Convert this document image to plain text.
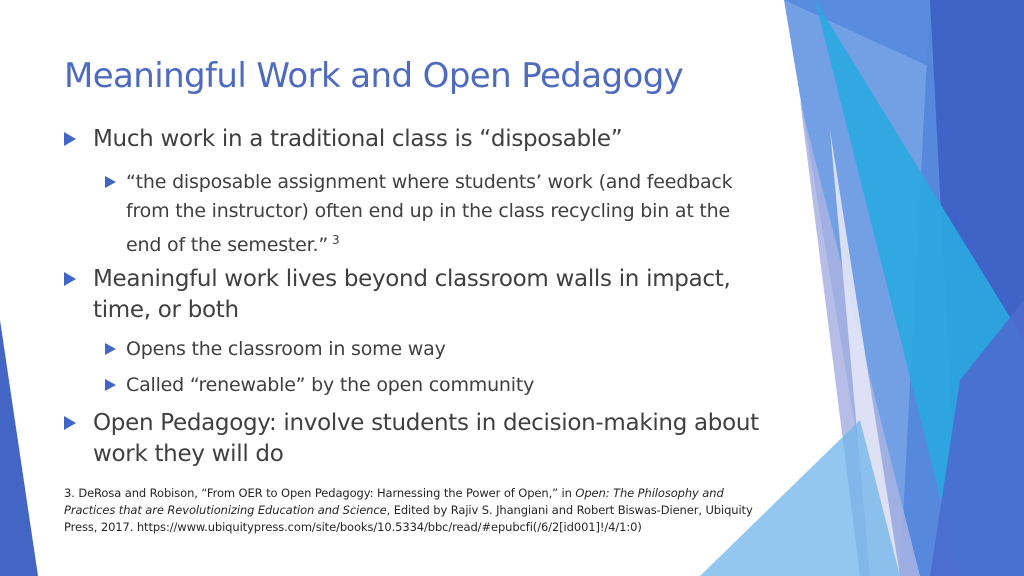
Meaningful Work and Open Pedagogy
Much work in a traditional class is “disposable”
“the disposable assignment where students’ work (and feedback from the instructor) often end up in the class recycling bin at the end of the semester.” $^3$
Meaningful work lives beyond classroom walls in impact, time, or both
Opens the classroom in some way
Called “renewable” by the open community
Open Pedagogy: involve students in decision-making about work they will do
3. DeRosa and Robison, “From OER to Open Pedagogy: Harnessing the Power of Open,” in Open: The Philosophy and Practices that are Revolutionizing Education and Science, Edited by Rajiv S. Jhangiani and Robert Biswas-Diener, Ubiquity Press, 2017. https://www.ubiquitypress.com/site/books/10.5334/bbc/read/#epubcfi(/6/2[id001]!/4/1:0)
